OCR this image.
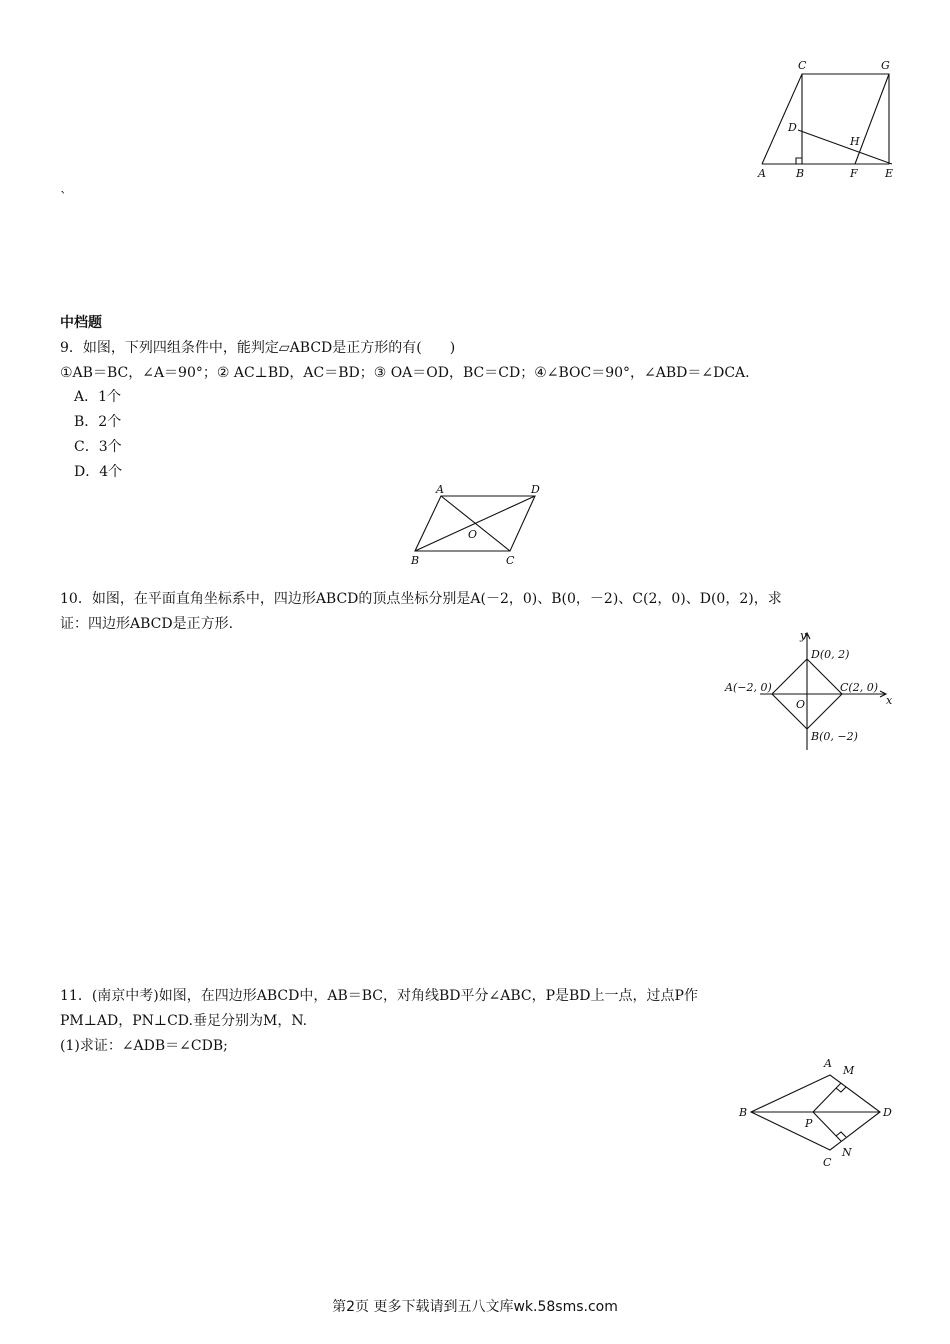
C	G
D
H
A	B	F E
`
中档题
9．如图，下列四组条件中，能判定▱ABCD是正方形的有(　　)
①AB＝BC，∠A＝90°；② AC⊥BD，AC＝BD；③ OA＝OD，BC＝CD；④∠BOC＝90°，∠ABD＝∠DCA.
A．1个
B．2个
C．3个
D．4个
A	D
O
B	C
10．如图，在平面直角坐标系中，四边形ABCD的顶点坐标分别是A(－2，0)、B(0，－2)、C(2，0)、D(0，2)，求
证：四边形ABCD是正方形.
y
x
D(0, 2)
A(−2, 0)	C(2, 0)
O
B(0, −2)
11．(南京中考)如图，在四边形ABCD中，AB＝BC，对角线BD平分∠ABC，P是BD上一点，过点P作
PM⊥AD，PN⊥CD.垂足分别为M，N.
(1)求证：∠ADB＝∠CDB;
A
M
B	D
P
N
C
第2页 更多下载请到五八文库wk.58sms.com
